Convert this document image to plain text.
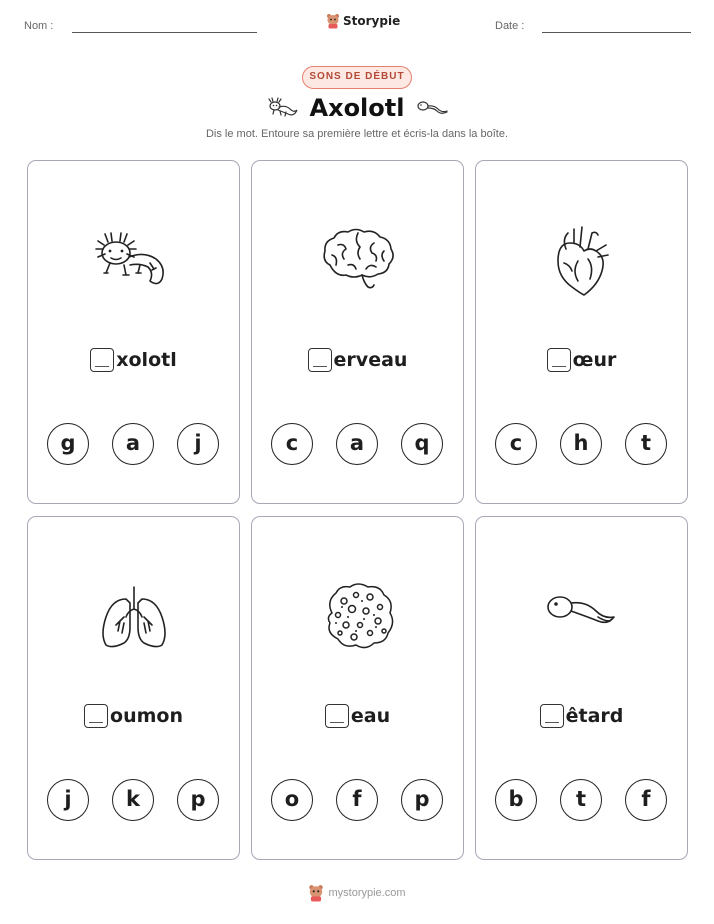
Nom :	Storypie	Date :
SONS DE DÉBUT
Axolotl
Dis le mot. Entoure sa première lettre et écris-la dans la boîte.
xolotl
g	a	j
erveau
c	a	q
œur
c	h	t
oumon
j	k	p
eau
o	f	p
êtard
b	t	f
mystorypie.com
